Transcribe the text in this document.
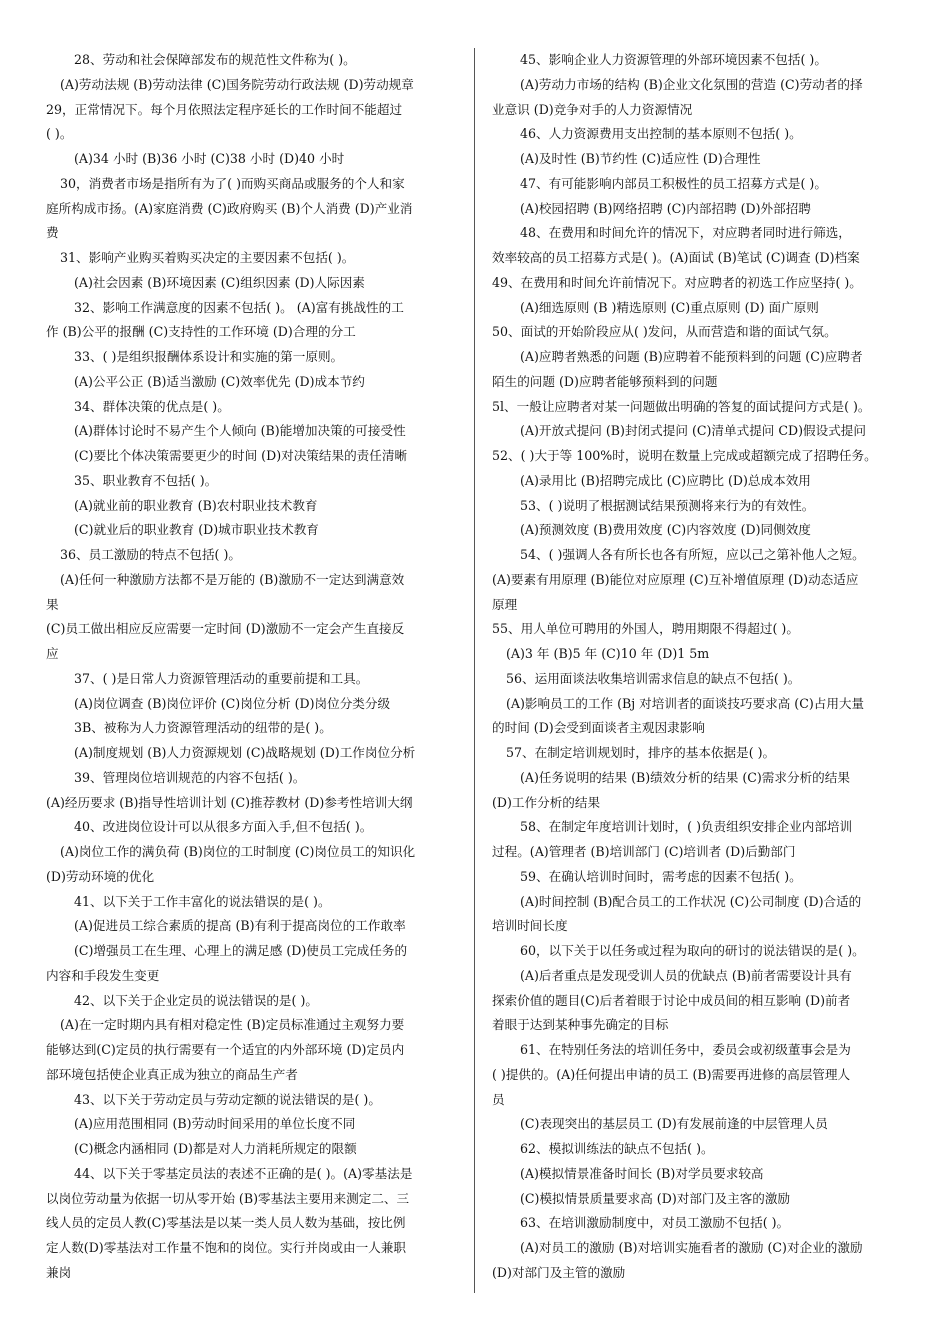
28、劳动和社会保障部发布的规范性文件称为( )。
(A)劳动法规 (B)劳动法律 (C)国务院劳动行政法规 (D)劳动规章
29，正常情况下。每个月依照法定程序延长的工作时间不能超过
( )。
(A)34 小时 (B)36 小时 (C)38 小时 (D)40 小时
30，消费者市场是指所有为了( )而购买商品或服务的个人和家
庭所构成市扬。(A)家庭消费 (C)政府购买 (B)个人消费 (D)产业消
费
31、影响产业购买着购买决定的主要因素不包括( )。
(A)社会因素 (B)环境因素 (C)组织因素 (D)人际因素
32、影响工作满意度的因素不包括( )。 (A)富有挑战性的工
作 (B)公平的报酬 (C)支持性的工作环境 (D)合理的分工
33、( )是组织报酬体系设计和实施的第一原则。
(A)公平公正 (B)适当激励 (C)效率优先 (D)成本节约
34、群体决策的优点是( )。
(A)群体讨论时不易产生个人倾向 (B)能增加决策的可接受性
(C)要比个体决策需要更少的时间 (D)对决策结果的责任清晰
35、职业教育不包括( )。
(A)就业前的职业教育 (B)农村职业技术教育
(C)就业后的职业教育 (D)城市职业技术教育
36、员工激励的特点不包括( )。
(A)任何一种激励方法都不是万能的 (B)激励不一定达到满意效
果
(C)员工做出相应反应需要一定时间 (D)激励不一定会产生直接反
应
37、( )是日常人力资源管理活动的重要前提和工具。
(A)岗位调查 (B)岗位评价 (C)岗位分析 (D)岗位分类分级
3B、被称为人力资源管理活动的纽带的是( )。
(A)制度规划 (B)人力资源规划 (C)战略规划 (D)工作岗位分析
39、管理岗位培训规范的内容不包括( )。
(A)经历要求 (B)指导性培训计划 (C)推荐教材 (D)参考性培训大纲
40、改进岗位设计可以从很多方面入手,但不包括( )。
(A)岗位工作的满负荷 (B)岗位的工时制度 (C)岗位员工的知识化
(D)劳动环境的优化
41、以下关于工作丰富化的说法错误的是( )。
(A)促进员工综合素质的提高 (B)有利于提高岗位的工作敢率
(C)增强员工在生理、心理上的满足感 (D)使员工完成任务的
内容和手段发生变更
42、以下关于企业定员的说法错误的是( )。
(A)在一定时期内具有相对稳定性 (B)定员标准通过主观努力要
能够达到(C)定员的执行需要有一个适宜的内外部环境 (D)定员内
部环境包括使企业真正成为独立的商品生产者
43、以下关于劳动定员与劳动定额的说法错误的是( )。
(A)应用范围相同 (B)劳动时间采用的单位长度不同
(C)概念内涵相同 (D)都是对人力消耗所规定的限额
44、以下关于零基定员法的表述不正确的是( )。(A)零基法是
以岗位劳动量为依据一切从零开始 (B)零基法主要用来测定二、三
线人员的定员人教(C)零基法是以某一类人员人数为基础，按比例
定人数(D)零基法对工作量不饱和的岗位。实行并岗或由一人兼职
兼岗
45、影响企业人力资源管理的外部环境因素不包括( )。
(A)劳动力市场的结构 (B)企业文化氛围的营造 (C)劳动者的择
业意识 (D)竞争对手的人力资源情况
46、人力资源费用支出控制的基本原则不包括( )。
(A)及时性 (B)节约性 (C)适应性 (D)合理性
47、有可能影响内部员工积极性的员工招募方式是( )。
(A)校园招聘 (B)网络招聘 (C)内部招聘 (D)外部招聘
48、在费用和时间允许的情况下，对应聘者同时进行筛选，
效率较高的员工招募方式是( )。(A)面试 (B)笔试 (C)调查 (D)档案
49、在费用和时间允许前情况下。对应聘者的初选工作应坚持( )。
(A)细选原则 (B )精选原则 (C)重点原则 (D) 面广原则
50、面试的开始阶段应从( )发问，从而营造和谐的面试气氛。
(A)应聘者熟悉的问题 (B)应聘着不能预料到的问题 (C)应聘者
陌生的问题 (D)应聘者能够预料到的问题
5l、一般让应聘者对某一问题做出明确的答复的面试提问方式是( )。
(A)开放式提问 (B)封闭式提问 (C)清单式提问 CD)假设式提问
52、( )大于等 100%时，说明在数量上完成或超额完成了招聘任务。
(A)录用比 (B)招聘完成比 (C)应聘比 (D)总成本效用
53、( )说明了根据测试结果预测将来行为的有效性。
(A)预测效度 (B)费用效度 (C)内容效度 (D)同侧效度
54、( )强调人各有所长也各有所短，应以己之第补他人之短。
(A)要素有用原理 (B)能位对应原理 (C)互补增值原理 (D)动态适应
原理
55、用人单位可聘用的外国人，聘用期限不得超过( )。
(A)3 年 (B)5 年 (C)10 年 (D)1 5m
56、运用面谈法收集培训需求信息的缺点不包括( )。
(A)影响员工的工作 (Bj 对培训者的面谈技巧要求高 (C)占用大量
的时间 (D)会受到面谈者主观因隶影响
57、在制定培训规划时，排序的基本依据是( )。
(A)任务说明的结果 (B)绩效分析的结果 (C)需求分析的结果
(D)工作分析的结果
58、在制定年度培训计划时，( )负责组织安排企业内部培训
过程。(A)管理者 (B)培训部门 (C)培训者 (D)后勤部门
59、在确认培训时间时，需考虑的因素不包括( )。
(A)时间控制 (B)配合员工的工作状况 (C)公司制度 (D)合适的
培训时间长度
60，以下关于以任务或过程为取向的研讨的说法错误的是( )。
(A)后者重点是发现受训人员的优缺点 (B)前者需要设计具有
探索价值的题目(C)后者着眼于讨论中成员间的相互影响 (D)前者
着眼于达到某种事先确定的目标
61、在特别任务法的培训任务中，委员会或初级董事会是为
( )提供的。(A)任何提出申请的员工 (B)需要再进修的高层管理人
员
(C)表现突出的基层员工 (D)有发展前逢的中层管理人员
62、模拟训练法的缺点不包括( )。
(A)模拟情景准备时间长 (B)对学员要求较高
(C)模拟情景质量要求高 (D)对部门及主客的激励
63、在培训激励制度中，对员工激励不包括( )。
(A)对员工的激励 (B)对培训实施看者的激励 (C)对企业的激励
(D)对部门及主管的激励
